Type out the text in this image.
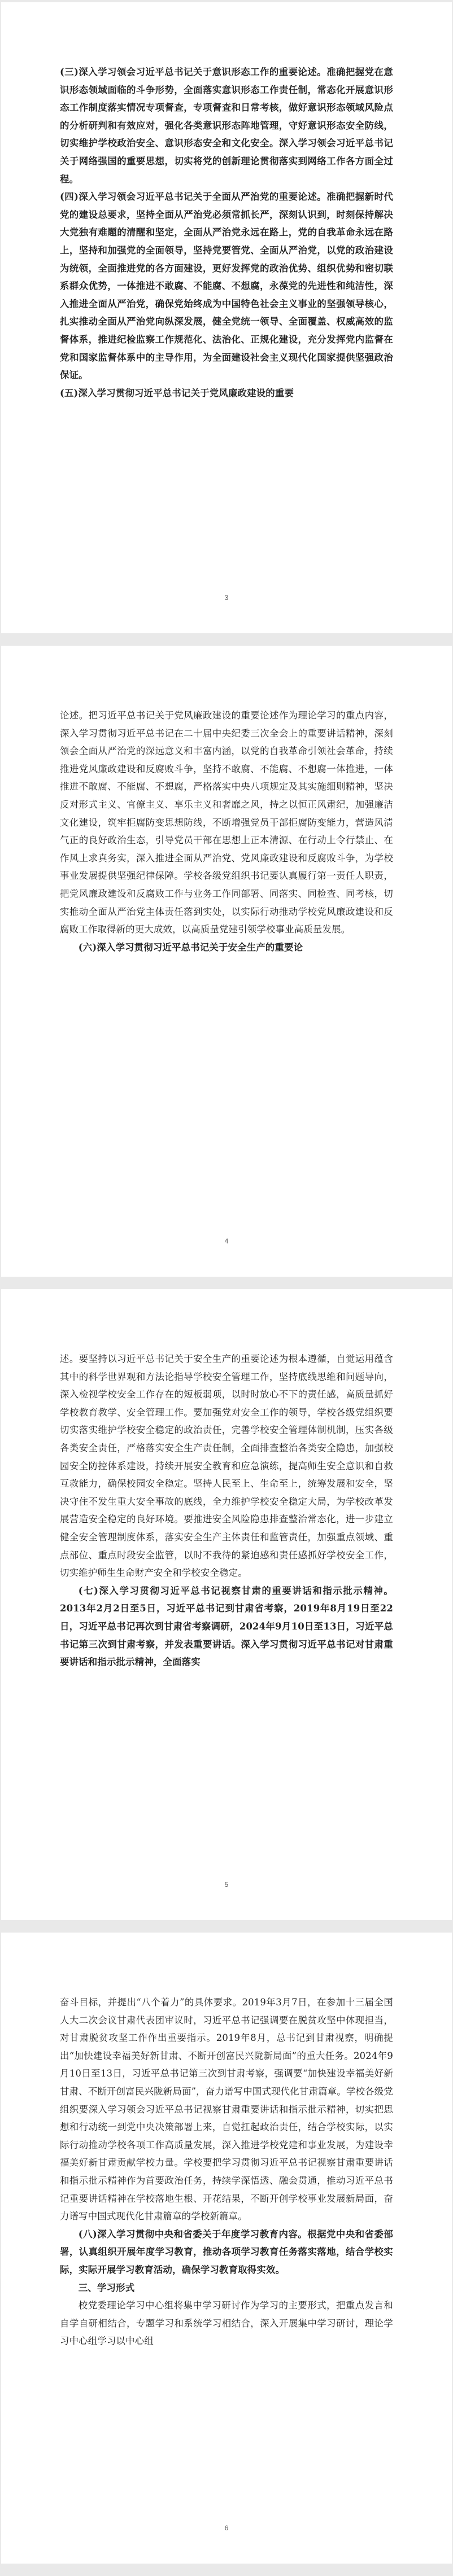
(三)深入学习领会习近平总书记关于意识形态工作的重要论述。准确把握党在意识形态领域面临的斗争形势，全面落实意识形态工作责任制，常态化开展意识形态工作制度落实情况专项督查，专项督查和日常考核，做好意识形态领域风险点的分析研判和有效应对，强化各类意识形态阵地管理，守好意识形态安全防线，切实维护学校政治安全、意识形态安全和文化安全。深入学习领会习近平总书记关于网络强国的重要思想，切实将党的创新理论贯彻落实到网络工作各方面全过程。

(四)深入学习领会习近平总书记关于全面从严治党的重要论述。准确把握新时代党的建设总要求，坚持全面从严治党必须常抓长严，深刻认识到，时刻保持解决大党独有难题的清醒和坚定，全面从严治党永远在路上，党的自我革命永远在路上，坚持和加强党的全面领导，坚持党要管党、全面从严治党，以党的政治建设为统领，全面推进党的各方面建设，更好发挥党的政治优势、组织优势和密切联系群众优势，一体推进不敢腐、不能腐、不想腐，永葆党的先进性和纯洁性，深入推进全面从严治党，确保党始终成为中国特色社会主义事业的坚强领导核心，扎实推动全面从严治党向纵深发展，健全党统一领导、全面覆盖、权威高效的监督体系，推进纪检监察工作规范化、法治化、正规化建设，充分发挥党内监督在党和国家监督体系中的主导作用，为全面建设社会主义现代化国家提供坚强政治保证。

(五)深入学习贯彻习近平总书记关于党风廉政建设的重要

3

论述。把习近平总书记关于党风廉政建设的重要论述作为理论学习的重点内容，深入学习贯彻习近平总书记在二十届中央纪委三次全会上的重要讲话精神，深刻领会全面从严治党的深远意义和丰富内涵，以党的自我革命引领社会革命，持续推进党风廉政建设和反腐败斗争，坚持不敢腐、不能腐、不想腐一体推进，一体推进不敢腐、不能腐、不想腐，严格落实中央八项规定及其实施细则精神，坚决反对形式主义、官僚主义、享乐主义和奢靡之风，持之以恒正风肃纪，加强廉洁文化建设，筑牢拒腐防变思想防线，不断增强党员干部拒腐防变能力，营造风清气正的良好政治生态，引导党员干部在思想上正本清源、在行动上令行禁止、在作风上求真务实，深入推进全面从严治党、党风廉政建设和反腐败斗争，为学校事业发展提供坚强纪律保障。学校各级党组织书记要认真履行第一责任人职责，把党风廉政建设和反腐败工作与业务工作同部署、同落实、同检查、同考核，切实推动全面从严治党主体责任落到实处，以实际行动推动学校党风廉政建设和反腐败工作取得新的更大成效，以高质量党建引领学校事业高质量发展。

(六)深入学习贯彻习近平总书记关于安全生产的重要论

4

述。要坚持以习近平总书记关于安全生产的重要论述为根本遵循，自觉运用蕴含其中的科学世界观和方法论指导学校安全管理工作，坚持底线思维和问题导向，深入检视学校安全工作存在的短板弱项，以时时放心不下的责任感，高质量抓好学校教育教学、安全管理工作。要加强党对安全工作的领导，学校各级党组织要切实落实维护学校安全稳定的政治责任，完善学校安全管理体制机制，压实各级各类安全责任，严格落实安全生产责任制，全面排查整治各类安全隐患，加强校园安全防控体系建设，持续开展安全教育和应急演练，提高师生安全意识和自救互救能力，确保校园安全稳定。坚持人民至上、生命至上，统筹发展和安全，坚决守住不发生重大安全事故的底线，全力维护学校安全稳定大局，为学校改革发展营造安全稳定的良好环境。要推进安全风险隐患排查整治常态化，进一步建立健全安全管理制度体系，落实安全生产主体责任和监管责任，加强重点领域、重点部位、重点时段安全监管，以时不我待的紧迫感和责任感抓好学校安全工作，切实维护师生生命财产安全和学校安全稳定。

(七)深入学习贯彻习近平总书记视察甘肃的重要讲话和指示批示精神。2013年2月2日至5日，习近平总书记到甘肃省考察，2019年8月19日至22日，习近平总书记再次到甘肃省考察调研，2024年9月10日至13日，习近平总书记第三次到甘肃考察，并发表重要讲话。深入学习贯彻习近平总书记对甘肃重要讲话和指示批示精神，全面落实

5

奋斗目标，并提出“八个着力”的具体要求。2019年3月7日，在参加十三届全国人大二次会议甘肃代表团审议时，习近平总书记强调要在脱贫攻坚中体现担当，对甘肃脱贫攻坚工作作出重要指示。2019年8月，总书记到甘肃视察，明确提出“加快建设幸福美好新甘肃、不断开创富民兴陇新局面”的重大任务。2024年9月10日至13日，习近平总书记第三次到甘肃考察，强调要“加快建设幸福美好新甘肃、不断开创富民兴陇新局面”，奋力谱写中国式现代化甘肃篇章。学校各级党组织要深入学习领会习近平总书记视察甘肃重要讲话和指示批示精神，切实把思想和行动统一到党中央决策部署上来，自觉扛起政治责任，结合学校实际，以实际行动推动学校各项工作高质量发展，深入推进学校党建和事业发展，为建设幸福美好新甘肃贡献学校力量。学校要把学习贯彻习近平总书记视察甘肃重要讲话和指示批示精神作为首要政治任务，持续学深悟透、融会贯通，推动习近平总书记重要讲话精神在学校落地生根、开花结果，不断开创学校事业发展新局面，奋力谱写中国式现代化甘肃篇章的学校新篇章。

(八)深入学习贯彻中央和省委关于年度学习教育内容。根据党中央和省委部署，认真组织开展年度学习教育，推动各项学习教育任务落实落地，结合学校实际，实际开展学习教育活动，确保学习教育取得实效。

三、学习形式

校党委理论学习中心组将集中学习研讨作为学习的主要形式，把重点发言和自学自研相结合，专题学习和系统学习相结合，深入开展集中学习研讨，理论学习中心组学习以中心组

6
